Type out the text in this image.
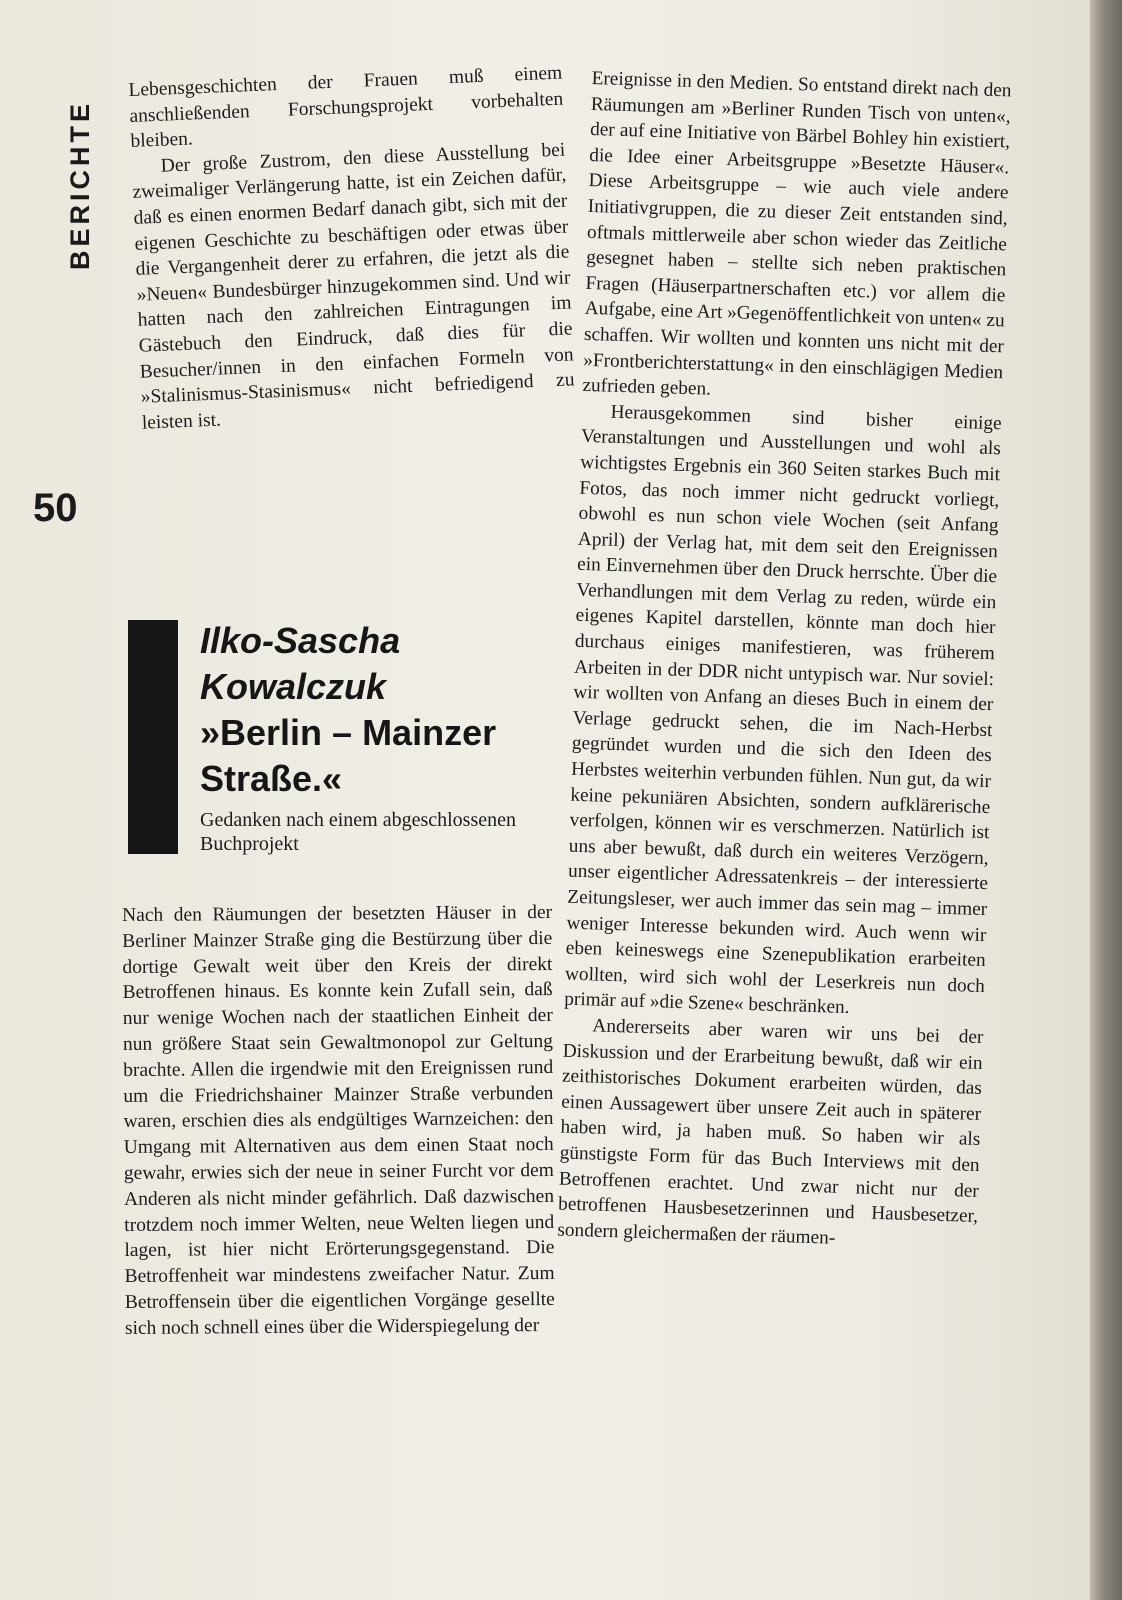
BERICHTE
50

Lebensgeschichten der Frauen muß einem anschließenden Forschungsprojekt vorbehalten bleiben.

Der große Zustrom, den diese Ausstellung bei zweimaliger Verlängerung hatte, ist ein Zeichen dafür, daß es einen enormen Bedarf danach gibt, sich mit der eigenen Geschichte zu beschäftigen oder etwas über die Vergangenheit derer zu erfahren, die jetzt als die »Neuen« Bundesbürger hinzugekommen sind. Und wir hatten nach den zahlreichen Eintragungen im Gästebuch den Eindruck, daß dies für die Besucher/innen in den einfachen Formeln von »Stalinismus-Stasinismus« nicht befriedigend zu leisten ist.

Ilko-Sascha Kowalczuk
»Berlin – Mainzer Straße.«
Gedanken nach einem abgeschlossenen Buchprojekt

Nach den Räumungen der besetzten Häuser in der Berliner Mainzer Straße ging die Bestürzung über die dortige Gewalt weit über den Kreis der direkt Betroffenen hinaus. Es konnte kein Zufall sein, daß nur wenige Wochen nach der staatlichen Einheit der nun größere Staat sein Gewaltmonopol zur Geltung brachte. Allen die irgendwie mit den Ereignissen rund um die Friedrichshainer Mainzer Straße verbunden waren, erschien dies als endgültiges Warnzeichen: den Umgang mit Alternativen aus dem einen Staat noch gewahr, erwies sich der neue in seiner Furcht vor dem Anderen als nicht minder gefährlich. Daß dazwischen trotzdem noch immer Welten, neue Welten liegen und lagen, ist hier nicht Erörterungsgegenstand. Die Betroffenheit war mindestens zweifacher Natur. Zum Betroffensein über die eigentlichen Vorgänge gesellte sich noch schnell eines über die Widerspiegelung der

Ereignisse in den Medien. So entstand direkt nach den Räumungen am »Berliner Runden Tisch von unten«, der auf eine Initiative von Bärbel Bohley hin existiert, die Idee einer Arbeitsgruppe »Besetzte Häuser«. Diese Arbeitsgruppe – wie auch viele andere Initiativgruppen, die zu dieser Zeit entstanden sind, oftmals mittlerweile aber schon wieder das Zeitliche gesegnet haben – stellte sich neben praktischen Fragen (Häuserpartnerschaften etc.) vor allem die Aufgabe, eine Art »Gegenöffentlichkeit von unten« zu schaffen. Wir wollten und konnten uns nicht mit der »Frontberichterstattung« in den einschlägigen Medien zufrieden geben.

Herausgekommen sind bisher einige Veranstaltungen und Ausstellungen und wohl als wichtigstes Ergebnis ein 360 Seiten starkes Buch mit Fotos, das noch immer nicht gedruckt vorliegt, obwohl es nun schon viele Wochen (seit Anfang April) der Verlag hat, mit dem seit den Ereignissen ein Einvernehmen über den Druck herrschte. Über die Verhandlungen mit dem Verlag zu reden, würde ein eigenes Kapitel darstellen, könnte man doch hier durchaus einiges manifestieren, was früherem Arbeiten in der DDR nicht untypisch war. Nur soviel: wir wollten von Anfang an dieses Buch in einem der Verlage gedruckt sehen, die im Nach-Herbst gegründet wurden und die sich den Ideen des Herbstes weiterhin verbunden fühlen. Nun gut, da wir keine pekuniären Absichten, sondern aufklärerische verfolgen, können wir es verschmerzen. Natürlich ist uns aber bewußt, daß durch ein weiteres Verzögern, unser eigentlicher Adressatenkreis – der interessierte Zeitungsleser, wer auch immer das sein mag – immer weniger Interesse bekunden wird. Auch wenn wir eben keineswegs eine Szenepublikation erarbeiten wollten, wird sich wohl der Leserkreis nun doch primär auf »die Szene« beschränken.

Andererseits aber waren wir uns bei der Diskussion und der Erarbeitung bewußt, daß wir ein zeithistorisches Dokument erarbeiten würden, das einen Aussagewert über unsere Zeit auch in späterer haben wird, ja haben muß. So haben wir als günstigste Form für das Buch Interviews mit den Betroffenen erachtet. Und zwar nicht nur der betroffenen Hausbesetzerinnen und Hausbesetzer, sondern gleichermaßen der räumen-
